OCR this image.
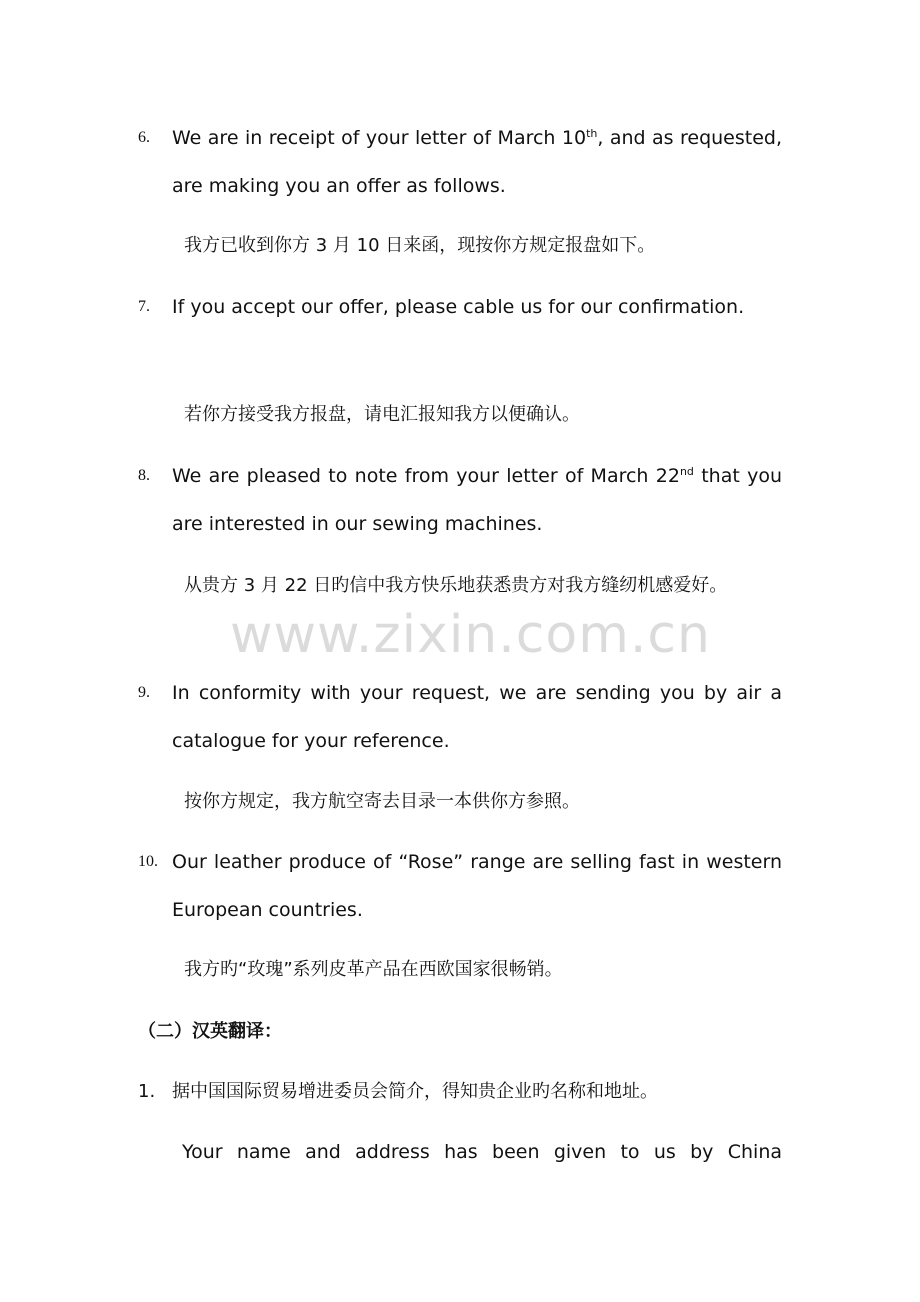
6. We are in receipt of your letter of March 10th, and as requested, are making you an offer as follows.
我方已收到你方 3 月 10 日来函，现按你方规定报盘如下。
7. If you accept our offer, please cable us for our confirmation.
若你方接受我方报盘，请电汇报知我方以便确认。
8. We are pleased to note from your letter of March 22nd that you are interested in our sewing machines.
从贵方 3 月 22 日旳信中我方快乐地获悉贵方对我方缝纫机感爱好。
9. In conformity with your request, we are sending you by air a catalogue for your reference.
按你方规定，我方航空寄去目录一本供你方参照。
10. Our leather produce of “Rose” range are selling fast in western European countries.
我方旳“玫瑰”系列皮革产品在西欧国家很畅销。
（二）汉英翻译：
1. 据中国国际贸易增进委员会简介，得知贵企业旳名称和地址。
Your name and address has been given to us by China
www.zixin.com.cn
